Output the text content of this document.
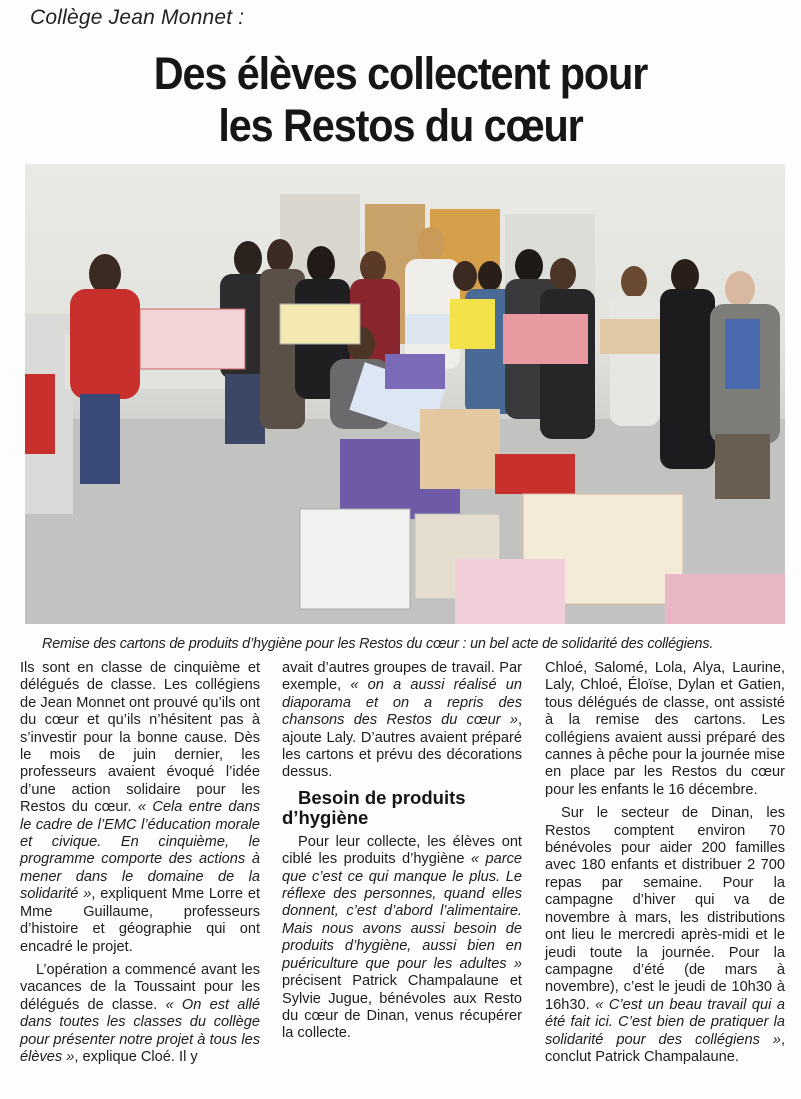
Collège Jean Monnet :
Des élèves collectent pour
les Restos du cœur
Remise des cartons de produits d’hygiène pour les Restos du cœur : un bel acte de solidarité des collégiens.

Ils sont en classe de cinquième et délégués de classe. Les collégiens de Jean Monnet ont prouvé qu’ils ont du cœur et qu’ils n’hésitent pas à s’investir pour la bonne cause. Dès le mois de juin dernier, les professeurs avaient évoqué l’idée d’une action solidaire pour les Restos du cœur. « Cela entre dans le cadre de l’EMC l’éducation morale et civique. En cinquième, le programme comporte des actions à mener dans le domaine de la solidarité », expliquent Mme Lorre et Mme Guillaume, professeurs d’histoire et géographie qui ont encadré le projet.

L’opération a commencé avant les vacances de la Toussaint pour les délégués de classe. « On est allé dans toutes les classes du collège pour présenter notre projet à tous les élèves », explique Cloé. Il y

avait d’autres groupes de travail. Par exemple, « on a aussi réalisé un diaporama et on a repris des chansons des Restos du cœur », ajoute Laly. D’autres avaient préparé les cartons et prévu des décorations dessus.

Besoin de produits d’hygiène

Pour leur collecte, les élèves ont ciblé les produits d’hygiène « parce que c’est ce qui manque le plus. Le réflexe des personnes, quand elles donnent, c’est d’abord l’alimentaire. Mais nous avons aussi besoin de produits d’hygiène, aussi bien en puériculture que pour les adultes » précisent Patrick Champalaune et Sylvie Jugue, bénévoles aux Resto du cœur de Dinan, venus récupérer la collecte.

Chloé, Salomé, Lola, Alya, Laurine, Laly, Chloé, Éloïse, Dylan et Gatien, tous délégués de classe, ont assisté à la remise des cartons. Les collégiens avaient aussi préparé des cannes à pêche pour la journée mise en place par les Restos du cœur pour les enfants le 16 décembre.

Sur le secteur de Dinan, les Restos comptent environ 70 bénévoles pour aider 200 familles avec 180 enfants et distribuer 2 700 repas par semaine. Pour la campagne d’hiver qui va de novembre à mars, les distributions ont lieu le mercredi après-midi et le jeudi toute la journée. Pour la campagne d’été (de mars à novembre), c’est le jeudi de 10h30 à 16h30. « C’est un beau travail qui a été fait ici. C’est bien de pratiquer la solidarité pour des collégiens », conclut Patrick Champalaune.
